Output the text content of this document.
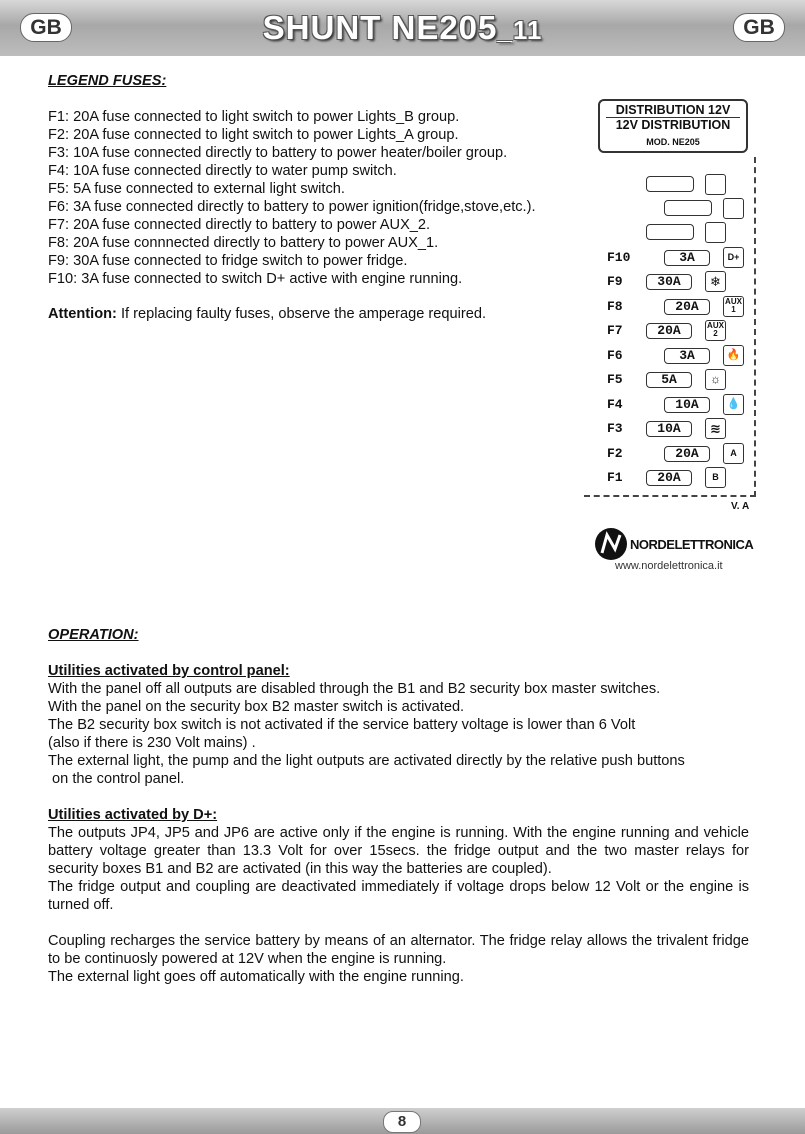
GB	SHUNT NE205_11	GB
LEGEND FUSES:
F1: 20A fuse connected to light switch to power Lights_B group.
F2: 20A fuse connected to light switch to power Lights_A group.
F3: 10A fuse connected directly to battery to power heater/boiler group.
F4: 10A fuse connected directly to water pump switch.
F5: 5A fuse connected to external light switch.
F6: 3A fuse connected directly to battery to power ignition(fridge,stove,etc.).
F7: 20A fuse connected directly to battery to power AUX_2.
F8: 20A fuse connnected directly to battery to power AUX_1.
F9: 30A fuse connected to fridge switch to power fridge.
F10: 3A fuse connected to switch D+ active with engine running.
Attention: If replacing faulty fuses, observe the amperage required.
DISTRIBUTION 12V
12V DISTRIBUTION
MOD. NE205
F10	3A	D+
F9	30A	❄
F8	20A	AUX 1
F7	20A	AUX 2
F6	3A	🔥
F5	5A	☼
F4	10A	💧
F3	10A	≋
F2	20A	A
F1	20A	B
V. A
NORDELETTRONICA
www.nordelettronica.it
OPERATION:
Utilities activated by control panel:
With the panel off all outputs are disabled through the B1 and B2 security box master switches.
With the panel on the security box B2 master switch is activated.
The B2 security box switch is not activated if the service battery voltage is lower than 6 Volt
(also if there is 230 Volt mains) .
The external light, the pump and the light outputs are activated directly by the relative push buttons
on the control panel.
Utilities activated by D+:
The outputs JP4, JP5 and JP6 are active only if the engine is running. With the engine running and vehicle battery voltage greater than 13.3 Volt for over 15secs. the fridge output and the two master relays for security boxes B1 and B2 are activated (in this way the batteries are coupled).
The fridge output and coupling are deactivated immediately if voltage drops below 12 Volt or the engine is turned off.
Coupling recharges the service battery by means of an alternator. The fridge relay allows the trivalent fridge to be continuosly powered at 12V when the engine is running.
The external light goes off automatically with the engine running.
8
